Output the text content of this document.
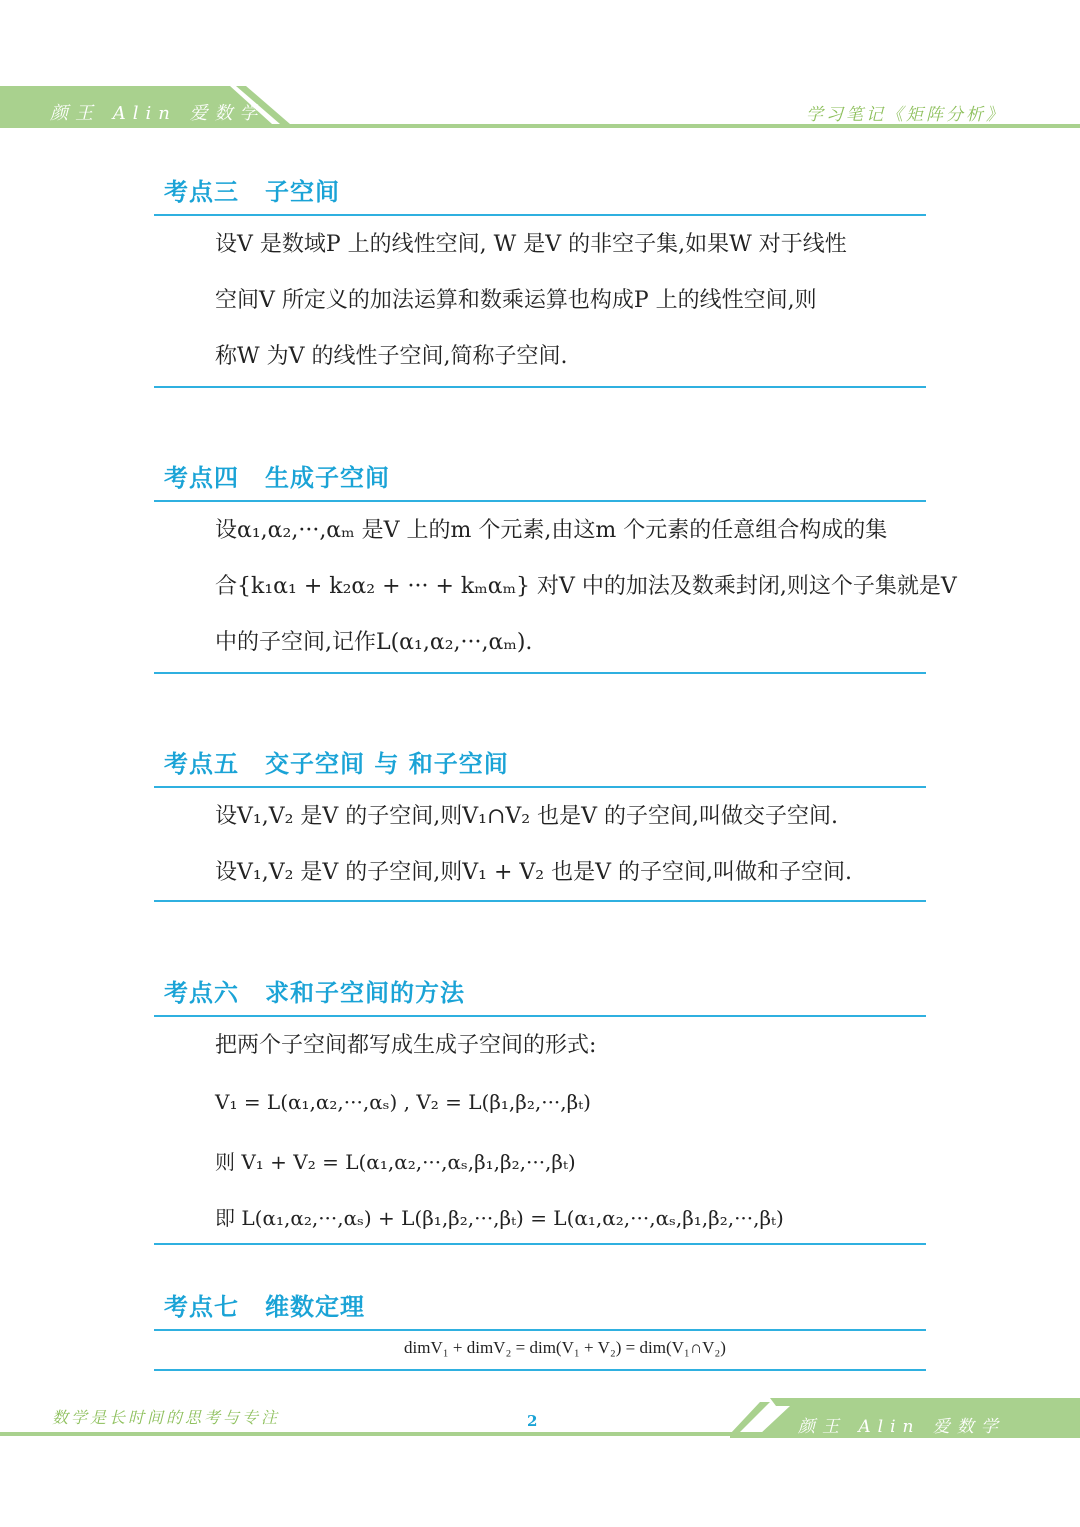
颜王 Alin 爱数学	学习笔记《矩阵分析》
考点三 子空间
设V 是数域P 上的线性空间, W 是V 的非空子集,如果W 对于线性
空间V 所定义的加法运算和数乘运算也构成P 上的线性空间,则
称W 为V 的线性子空间,简称子空间.
考点四 生成子空间
设α₁,α₂,···,αₘ 是V 上的m 个元素,由这m 个元素的任意组合构成的集
合{k₁α₁ + k₂α₂ + ··· + kₘαₘ} 对V 中的加法及数乘封闭,则这个子集就是V
中的子空间,记作L(α₁,α₂,···,αₘ).
考点五 交子空间 与 和子空间
设V₁,V₂ 是V 的子空间,则V₁∩V₂ 也是V 的子空间,叫做交子空间.
设V₁,V₂ 是V 的子空间,则V₁ + V₂ 也是V 的子空间,叫做和子空间.
考点六 求和子空间的方法
把两个子空间都写成生成子空间的形式:
V₁ = L(α₁,α₂,···,αₛ) , V₂ = L(β₁,β₂,···,βₜ)
则 V₁ + V₂ = L(α₁,α₂,···,αₛ,β₁,β₂,···,βₜ)
即 L(α₁,α₂,···,αₛ) + L(β₁,β₂,···,βₜ) = L(α₁,α₂,···,αₛ,β₁,β₂,···,βₜ)
考点七 维数定理
dimV₁ + dimV₂ = dim(V₁ + V₂) = dim(V₁∩V₂)
数学是长时间的思考与专注	2	颜王 Alin 爱数学
